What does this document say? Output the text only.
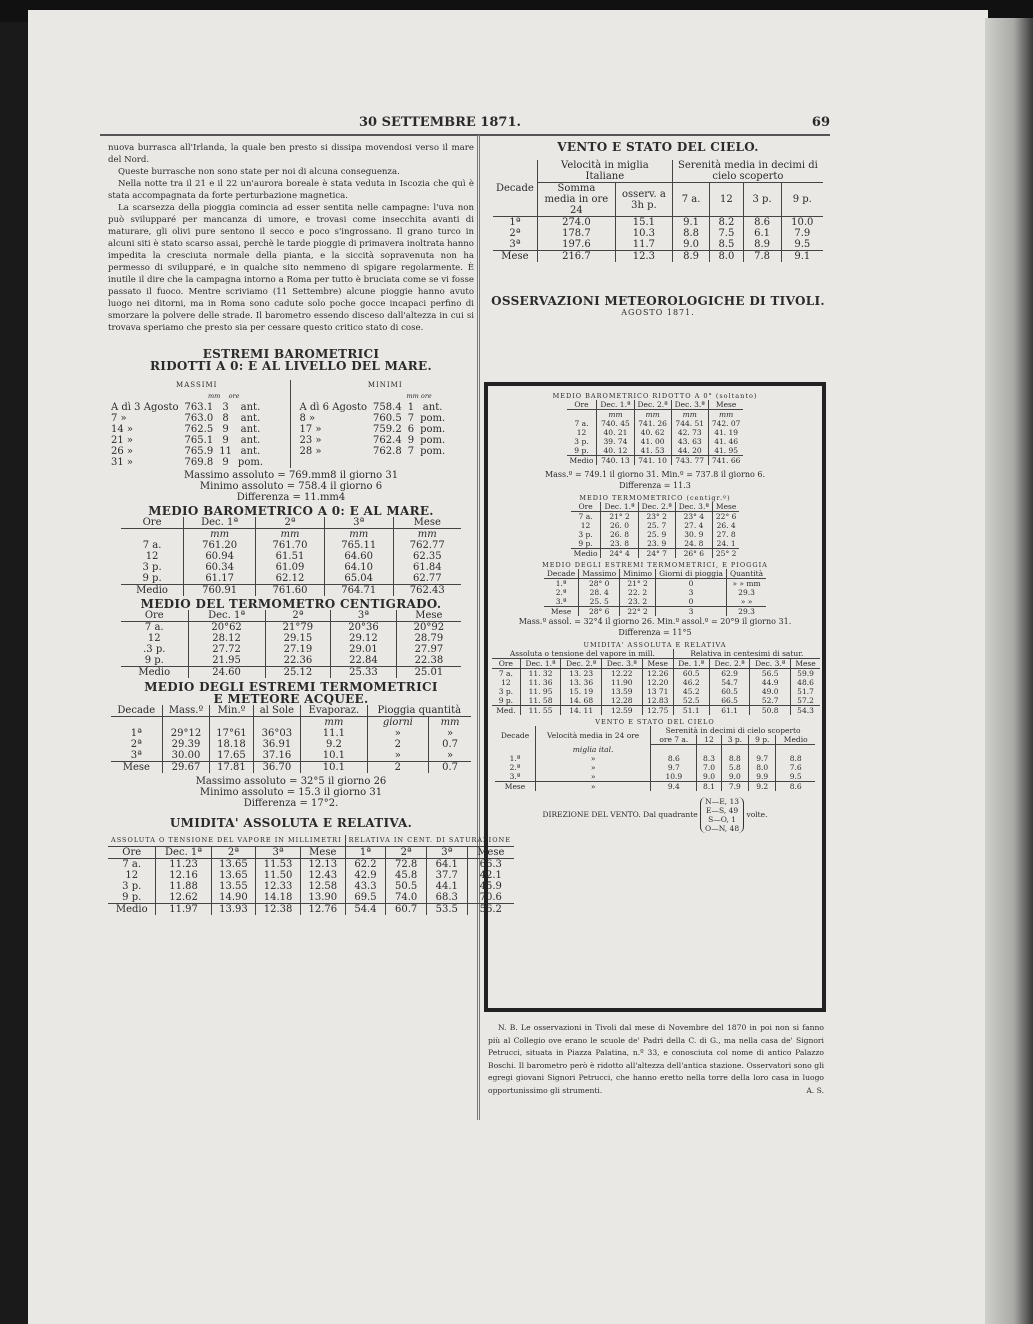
30 SETTEMBRE 1871.	69

nuova burrasca all'Irlanda, la quale ben presto si dissipa movendosi verso il mare del Nord.

Queste burrasche non sono state per noi di alcuna conseguenza.

Nella notte tra il 21 e il 22 un'aurora boreale è stata veduta in Iscozia che quì è stata accompagnata da forte perturbazione magnetica.

La scarsezza della pioggia comincia ad esser sentita nelle campagne: l'uva non può svilupparé per mancanza di umore, e trovasi come insecchita avanti di maturare, gli olivi pure sentono il secco e poco s'ingrossano. Il grano turco in alcuni siti è stato scarso assai, perchè le tarde pioggie di primavera inoltrata hanno impedita la cresciuta normale della pianta, e la siccità sopravenuta non ha permesso di svilupparé, e in qualche sito nemmeno di spigare regolarmente. È inutile il dire che la campagna intorno a Roma per tutto è bruciata come se vi fosse passato il fuoco. Mentre scriviamo (11 Settembre) alcune pioggie hanno avuto luogo nei ditorni, ma in Roma sono cadute solo poche gocce incapaci perfino di smorzare la polvere delle strade. Il barometro essendo disceso dall'altezza in cui si trovava speriamo che presto sia per cessare questo critico stato di cose.

ESTREMI BAROMETRICI
RIDOTTI A 0: E AL LIVELLO DEL MARE.
MASSIMI
mm ore
A dì 3 Agosto	763.1	3	ant.
7 »	763.0	8	ant.
14 »	762.5	9	ant.
21 »	765.1	9	ant.
26 »	765.9	11	ant.
31 »	769.8	9	pom.
MINIMI
mm ore
A dì 6 Agosto	758.4	1	ant.
8 »	760.5	7	pom.
17 »	759.2	6	pom.
23 »	762.4	9	pom.
28 »	762.8	7	pom.
Massimo assoluto = 769.mm8 il giorno 31
Minimo assoluto = 758.4 il giorno 6
Differenza = 11.mm4
MEDIO BAROMETRICO A 0: E AL MARE.
Ore	Dec. 1ª	2ª	3ª	Mese
	mm	mm	mm	mm
7 a.	761.20	761.70	765.11	762.77
12	60.94	61.51	64.60	62.35
3 p.	60.34	61.09	64.10	61.84
9 p.	61.17	62.12	65.04	62.77
Medio	760.91	761.60	764.71	762.43
MEDIO DEL TERMOMETRO CENTIGRADO.
Ore	Dec. 1ª	2ª	3ª	Mese
7 a.	20°62	21°79	20°36	20°92
12	28.12	29.15	29.12	28.79
.3 p.	27.72	27.19	29.01	27.97
9 p.	21.95	22.36	22.84	22.38
Medio	24.60	25.12	25.33	25.01
MEDIO DEGLI ESTREMI TERMOMETRICI
E METEORE ACQUEE.
Decade	Mass.º	Min.º	al Sole	Evaporaz.	Pioggia quantità	
				mm	giorni	mm
1ª	29°12	17°61	36°03	11.1	»	»
2ª	29.39	18.18	36.91	9.2	2	0.7
3ª	30.00	17.65	37.16	10.1	»	»
Mese	29.67	17.81	36.70	10.1	2	0.7
Massimo assoluto = 32°5 il giorno 26
Minimo assoluto = 15.3 il giorno 31
Differenza = 17°2.
UMIDITA' ASSOLUTA E RELATIVA.
ASSOLUTA O TENSIONE DEL VAPORE IN MILLIMETRI					RELATIVA IN CENT. DI SATURAZIONE			
Ore	Dec. 1ª	2ª	3ª	Mese	1ª	2ª	3ª	Mese
7 a.	11.23	13.65	11.53	12.13	62.2	72.8	64.1	66.3
12	12.16	13.65	11.50	12.43	42.9	45.8	37.7	42.1
3 p.	11.88	13.55	12.33	12.58	43.3	50.5	44.1	45.9
9 p.	12.62	14.90	14.18	13.90	69.5	74.0	68.3	70.6
Medio	11.97	13.93	12.38	12.76	54.4	60.7	53.5	56.2
VENTO E STATO DEL CIELO.
Decade	Velocità in miglia Italiane		Serenità media in decimi di cielo scoperto			
	Somma media in ore 24	osserv. a 3h p.	7 a.	12	3 p.	9 p.
1ª	274.0	15.1	9.1	8.2	8.6	10.0
2ª	178.7	10.3	8.8	7.5	6.1	7.9
3ª	197.6	11.7	9.0	8.5	8.9	9.5
Mese	216.7	12.3	8.9	8.0	7.8	9.1
OSSERVAZIONI METEOROLOGICHE DI TIVOLI.
AGOSTO 1871.
MEDIO BAROMETRICO RIDOTTO A 0° (soltanto)
Ore	Dec. 1.ª	Dec. 2.ª	Dec. 3.ª	Mese
	mm	mm	mm	mm
7 a.	740. 45	741. 26	744. 51	742. 07
12	40. 21	40. 62	42. 73	41. 19
3 p.	39. 74	41. 00	43. 63	41. 46
9 p.	40. 12	41. 53	44. 20	41. 95
Medio	740. 13	741. 10	743. 77	741. 66
Mass.º = 749.1 il giorno 31. Min.º = 737.8 il giorno 6.
Differenza = 11.3
MEDIO TERMOMETRICO (centigr.º)
Ore	Dec. 1.ª	Dec. 2.ª	Dec. 3.ª	Mese
7 a.	21° 2	23° 2	23° 4	22° 6
12	26. 0	25. 7	27. 4	26. 4
3 p.	26. 8	25. 9	30. 9	27. 8
9 p.	23. 8	23. 9	24. 8	24. 1
Medio	24° 4	24° 7	26° 6	25° 2
MEDIO DEGLI ESTREMI TERMOMETRICI, E PIOGGIA
Decade	Massimo	Minimo	Giorni di pioggia	Quantità
1.ª	28° 0	21° 2	0	» » mm
2.ª	28. 4	22. 2	3	29.3
3.ª	25. 5	23. 2	0	» »
Mese	28° 6	22° 2	3	29.3
Mass.º assol. = 32°4 il giorno 26. Min.º assol.º = 20°9 il giorno 31.
Differenza = 11°5
UMIDITA' ASSOLUTA E RELATIVA
Assoluta o tensione del vapore in mill.					Relativa in centesimi di satur.			
Ore	Dec. 1.ª	Dec. 2.ª	Dec. 3.ª	Mese	De. 1.ª	Dec. 2.ª	Dec. 3.ª	Mese
7 a.	11. 32	13. 23	12.22	12.26	60.5	62.9	56.5	59.9
12	11. 36	13. 36	11.90	12.20	46.2	54.7	44.9	48.6
3 p.	11. 95	15. 19	13.59	13 71	45.2	60.5	49.0	51.7
9 p.	11. 58	14. 68	12.28	12.83	52.5	66.5	52.7	57.2
Med.	11. 55	14. 11	12.59	12.75	51.1	61.1	50.8	54.3
VENTO E STATO DEL CIELO
Decade	Velocità media in 24 ore	Serenità in decimi di cielo scoperto				
		ore 7 a.	12	3 p.	9 p.	Medio
	miglia ital.					
1.ª	»	8.6	8.3	8.8	9.7	8.8
2.ª	»	9.7	7.0	5.8	8.0	7.6
3.ª	»	10.9	9.0	9.0	9.9	9.5
Mese	»	9.4	8.1	7.9	9.2	8.6
DIREZIONE DEL VENTO. Dal quadrante
N—E, 13
E—S, 49
S—O, 1
O—N, 48
volte.

N. B. Le osservazioni in Tivoli dal mese di Novembre del 1870 in poi non si fanno più al Collegio ove erano le scuole de' Padri della C. di G., ma nella casa de' Signori Petrucci, situata in Piazza Palatina, n.º 33, e conosciuta col nome di antico Palazzo Boschi. Il barometro però è ridotto all'altezza dell'antica stazione. Osservatori sono gli egregi giovani Signori Petrucci, che hanno eretto nella torre della loro casa in luogo opportunissimo gli strumenti.	A. S.
